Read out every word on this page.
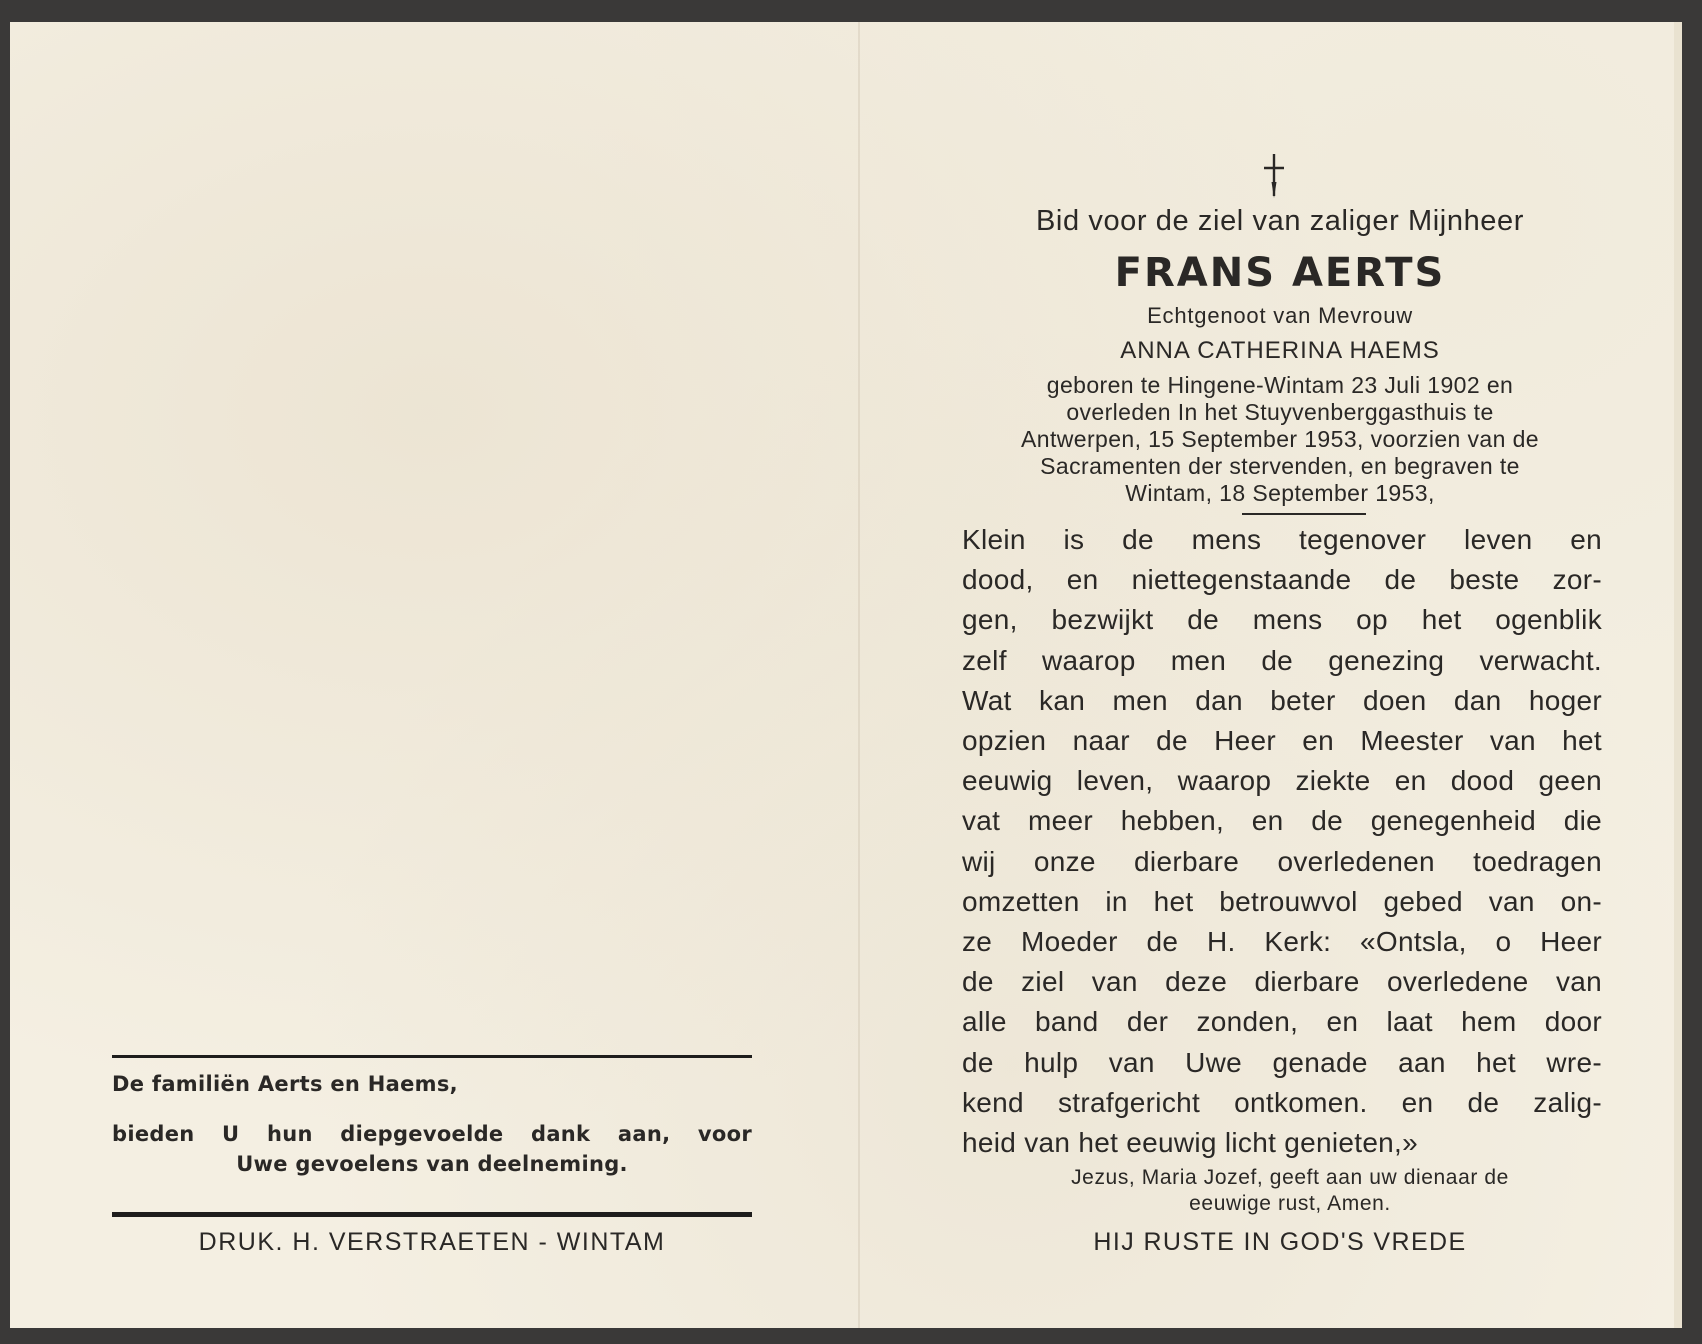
De familiën Aerts en Haems,
bieden U hun diepgevoelde dank aan, voor
Uwe gevoelens van deelneming.
DRUK. H. VERSTRAETEN - WINTAM
Bid voor de ziel van zaliger Mijnheer
FRANS AERTS
Echtgenoot van Mevrouw
ANNA CATHERINA HAEMS
geboren te Hingene-Wintam 23 Juli 1902 en
overleden In het Stuyvenberggasthuis te
Antwerpen, 15 September 1953, voorzien van de
Sacramenten der stervenden, en begraven te
Wintam, 18 September 1953,
Klein is de mens tegenover leven en
dood, en niettegenstaande de beste zor-
gen, bezwijkt de mens op het ogenblik
zelf waarop men de genezing verwacht.
Wat kan men dan beter doen dan hoger
opzien naar de Heer en Meester van het
eeuwig leven, waarop ziekte en dood geen
vat meer hebben, en de genegenheid die
wij onze dierbare overledenen toedragen
omzetten in het betrouwvol gebed van on-
ze Moeder de H. Kerk: «Ontsla, o Heer
de ziel van deze dierbare overledene van
alle band der zonden, en laat hem door
de hulp van Uwe genade aan het wre-
kend strafgericht ontkomen. en de zalig-
heid van het eeuwig licht genieten,»
Jezus, Maria Jozef, geeft aan uw dienaar de
eeuwige rust, Amen.
HIJ RUSTE IN GOD'S VREDE
